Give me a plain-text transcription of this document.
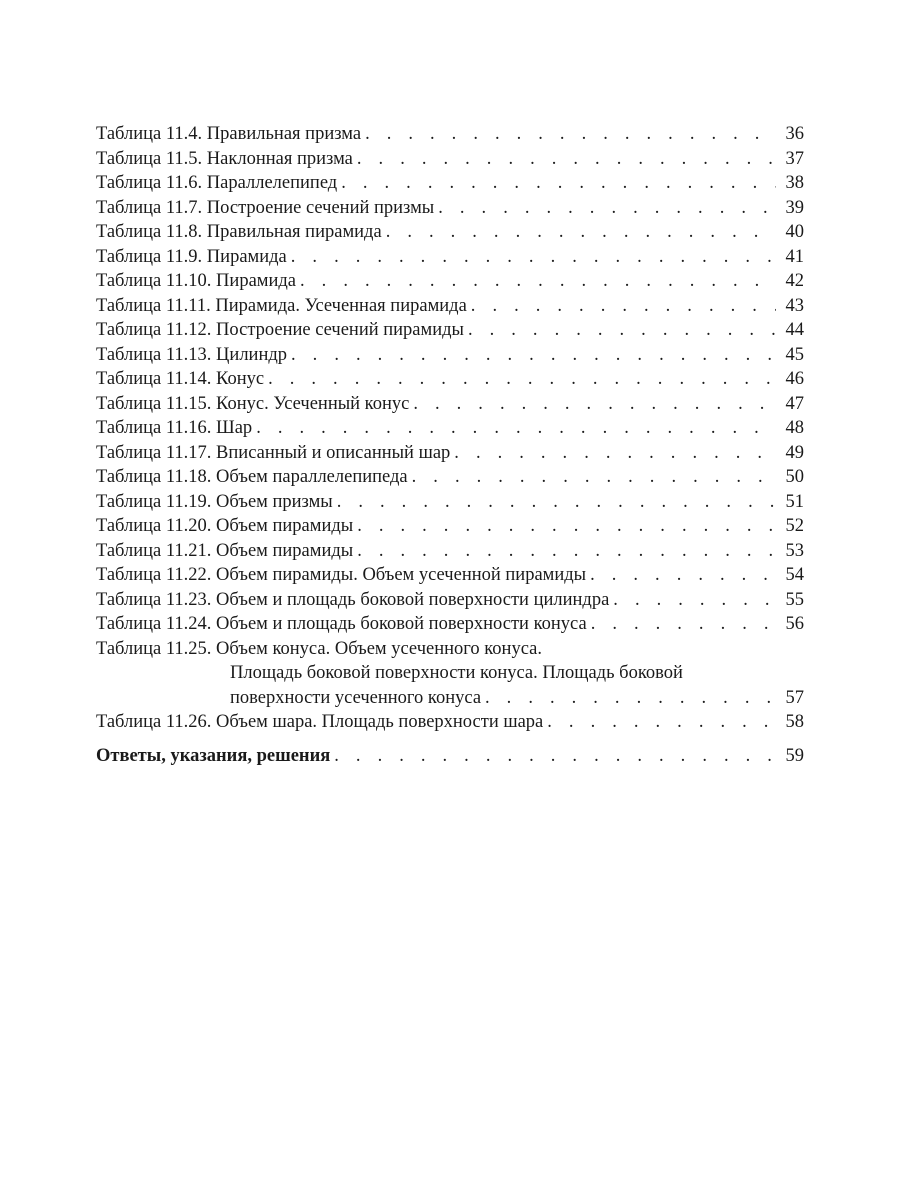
Таблица 11.4. Правильная призма . . .	36
Таблица 11.5. Наклонная призма . . .	37
Таблица 11.6. Параллелепипед . . .	38
Таблица 11.7. Построение сечений призмы . . .	39
Таблица 11.8. Правильная пирамида . . .	40
Таблица 11.9. Пирамида . . .	41
Таблица 11.10. Пирамида . . .	42
Таблица 11.11. Пирамида. Усеченная пирамида . . .	43
Таблица 11.12. Построение сечений пирамиды . . .	44
Таблица 11.13. Цилиндр . . .	45
Таблица 11.14. Конус . . .	46
Таблица 11.15. Конус. Усеченный конус . . .	47
Таблица 11.16. Шар . . .	48
Таблица 11.17. Вписанный и описанный шар . . .	49
Таблица 11.18. Объем параллелепипеда . . .	50
Таблица 11.19. Объем призмы . . .	51
Таблица 11.20. Объем пирамиды . . .	52
Таблица 11.21. Объем пирамиды . . .	53
Таблица 11.22. Объем пирамиды. Объем усеченной пирамиды . . .	54
Таблица 11.23. Объем и площадь боковой поверхности цилиндра . . .	55
Таблица 11.24. Объем и площадь боковой поверхности конуса . . .	56
Таблица 11.25. Объем конуса. Объем усеченного конуса.
Площадь боковой поверхности конуса. Площадь боковой
поверхности усеченного конуса . . .	57
Таблица 11.26. Объем шара. Площадь поверхности шара . . .	58
Ответы, указания, решения . . .	59
